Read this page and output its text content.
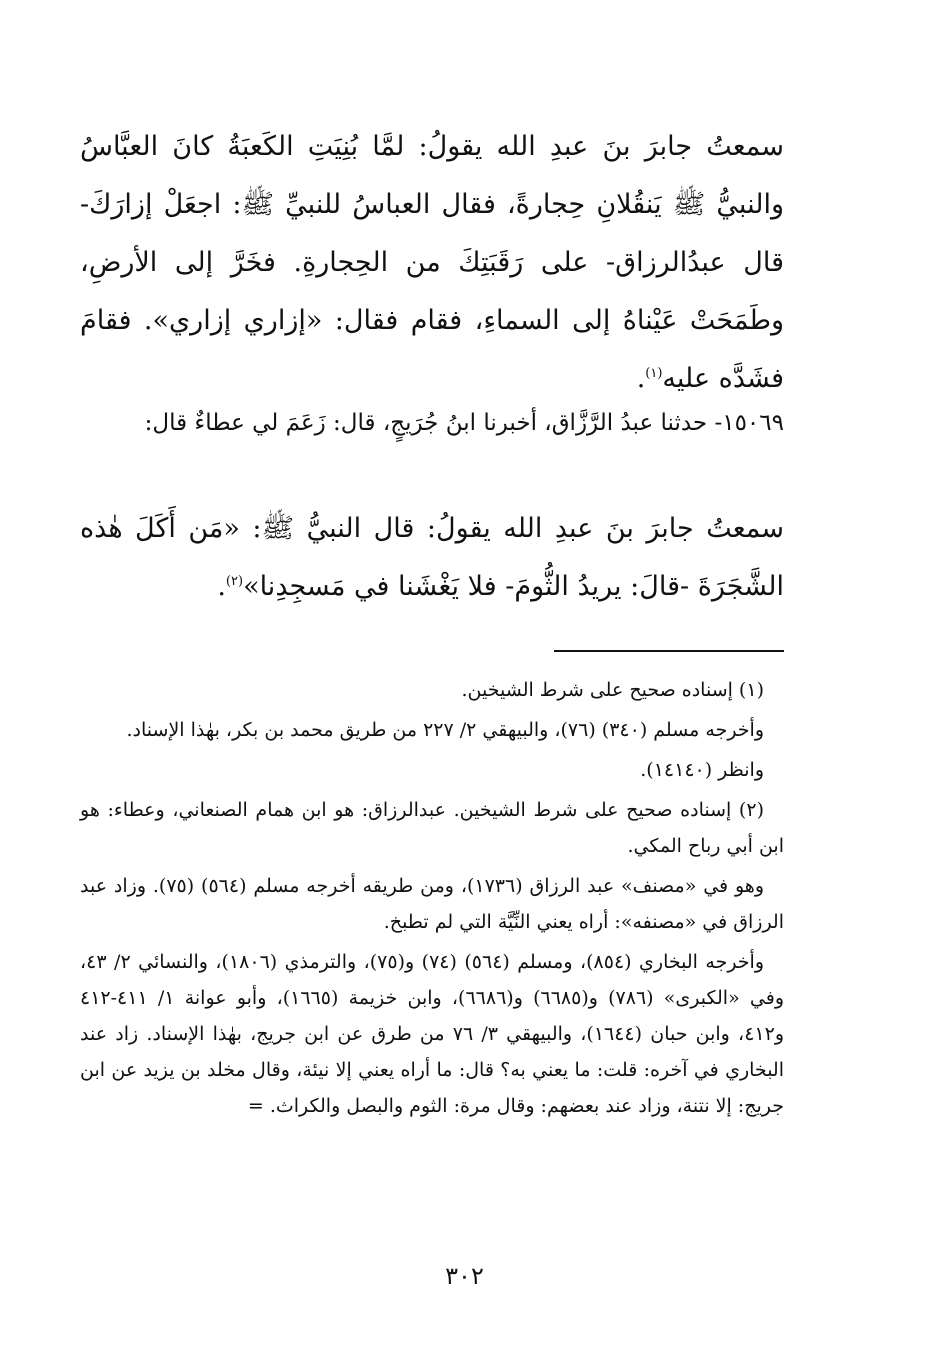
سمعتُ جابرَ بنَ عبدِ الله يقولُ: لمَّا بُنِيَتِ الكَعبَةُ كانَ العبَّاسُ والنبيُّ ﷺ يَنقُلانِ حِجارةً، فقال العباسُ للنبيِّ ﷺ: اجعَلْ إزارَكَ- قال عبدُالرزاق- على رَقَبَتِكَ من الحِجارةِ. فخَرَّ إلى الأرضِ، وطَمَحَتْ عَيْناهُ إلى السماءِ، فقام فقال: «إزاري إزاري». فقامَ فشَدَّه عليه$^{(١)}$.

١٥٠٦٩- حدثنا عبدُ الرَّزَّاق، أخبرنا ابنُ جُرَيجٍ، قال: زَعَمَ لي عطاءٌ قال:

سمعتُ جابرَ بنَ عبدِ الله يقولُ: قال النبيُّ ﷺ: «مَن أَكَلَ هٰذه الشَّجَرَةَ -قالَ: يريدُ الثُّومَ- فلا يَغْشَنا في مَسجِدِنا»$^{(٢)}$.

(١) إسناده صحيح على شرط الشيخين.

وأخرجه مسلم (٣٤٠) (٧٦)، والبيهقي ٢/ ٢٢٧ من طريق محمد بن بكر، بهٰذا الإسناد.

وانظر (١٤١٤٠).

(٢) إسناده صحيح على شرط الشيخين. عبدالرزاق: هو ابن همام الصنعاني، وعطاء: هو ابن أبي رباح المكي.

وهو في «مصنف» عبد الرزاق (١٧٣٦)، ومن طريقه أخرجه مسلم (٥٦٤) (٧٥). وزاد عبد الرزاق في «مصنفه»: أراه يعني النِّيَّة التي لم تطبخ.

وأخرجه البخاري (٨٥٤)، ومسلم (٥٦٤) (٧٤) و(٧٥)، والترمذي (١٨٠٦)، والنسائي ٢/ ٤٣، وفي «الكبرى» (٧٨٦) و(٦٦٨٥) و(٦٦٨٦)، وابن خزيمة (١٦٦٥)، وأبو عوانة ١/ ٤١١-٤١٢ و٤١٢، وابن حبان (١٦٤٤)، والبيهقي ٣/ ٧٦ من طرق عن ابن جريج، بهٰذا الإسناد. زاد عند البخاري في آخره: قلت: ما يعني به؟ قال: ما أراه يعني إلا نيئة، وقال مخلد بن يزيد عن ابن جريج: إلا نتنة، وزاد عند بعضهم: وقال مرة: الثوم والبصل والكراث. =

٣٠٢
